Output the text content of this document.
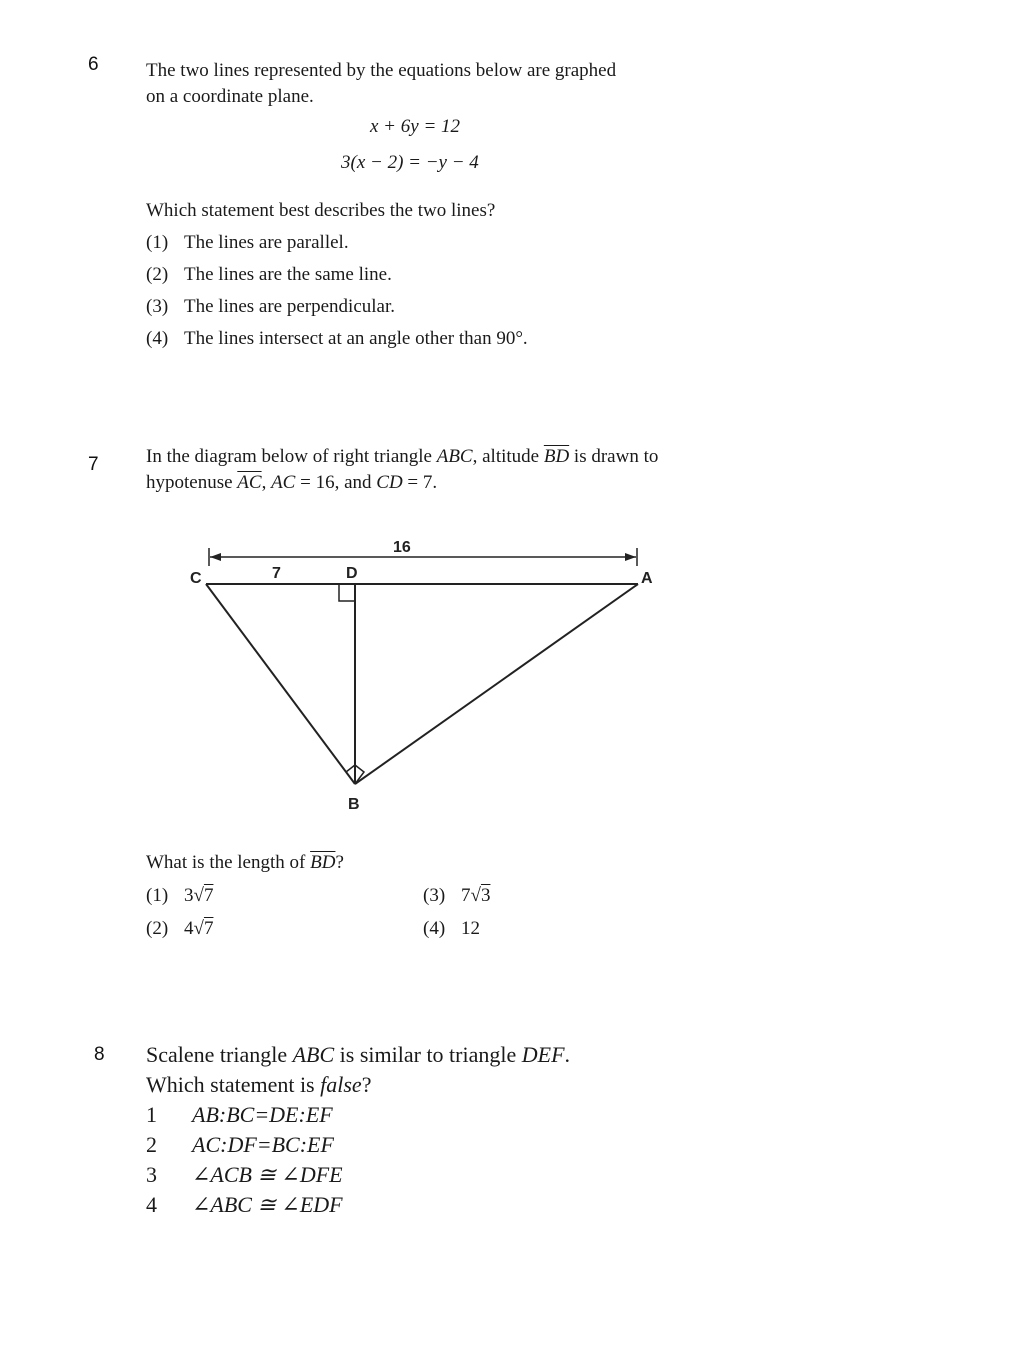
6 The two lines represented by the equations below are graphed
on a coordinate plane.
x + 6y = 12
3(x − 2) = −y − 4
Which statement best describes the two lines?
(1) The lines are parallel.
(2) The lines are the same line.
(3) The lines are perpendicular.
(4) The lines intersect at an angle other than 90°.
7 In the diagram below of right triangle ABC, altitude $\overline{BD}$ is drawn to
hypotenuse $\overline{AC}$, AC = 16, and CD = 7.
C	D	A
B
16
7
What is the length of $\overline{BD}$?
(1) 3√7
(2) 4√7
(3) 7√3
(4) 12
8 Scalene triangle ABC is similar to triangle DEF.
Which statement is false?
1 AB:BC=DE:EF
2 AC:DF=BC:EF
3 ∠ACB ≅ ∠DFE
4 ∠ABC ≅ ∠EDF
